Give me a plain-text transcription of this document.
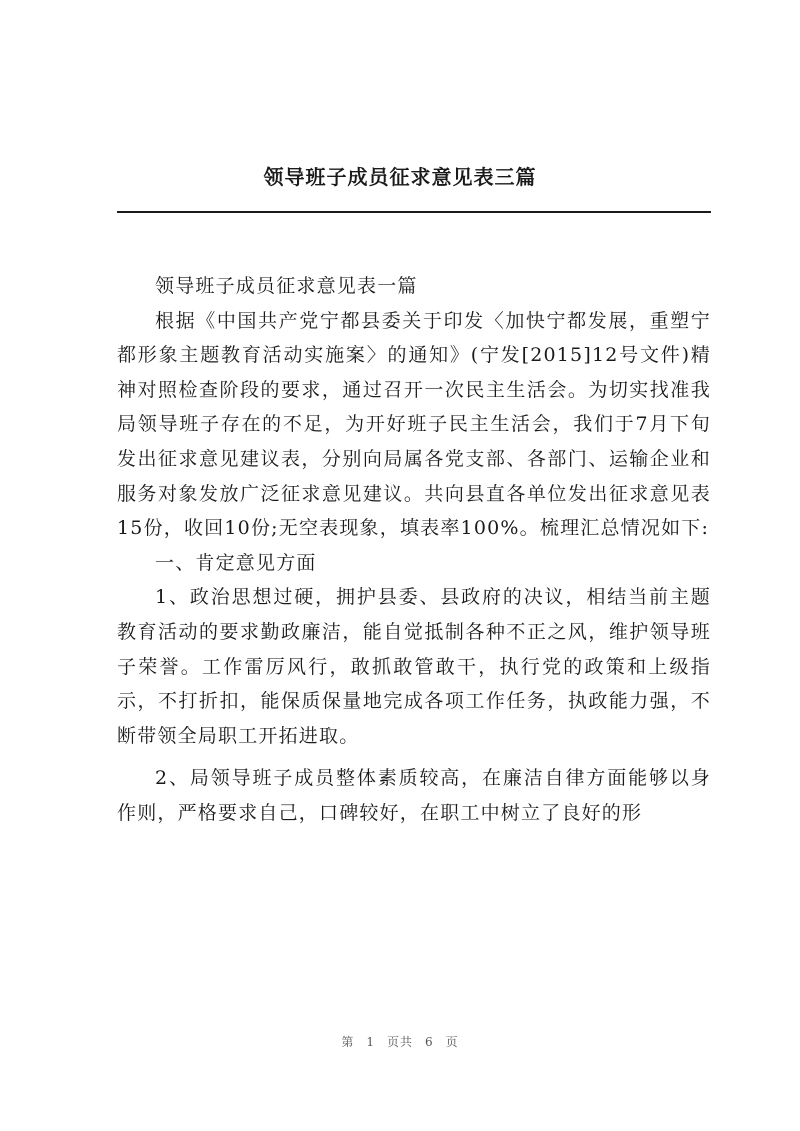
领导班子成员征求意见表三篇

领导班子成员征求意见表一篇

根据《中国共产党宁都县委关于印发〈加快宁都发展，重塑宁都形象主题教育活动实施案〉的通知》(宁发[2015]12号文件)精神对照检查阶段的要求，通过召开一次民主生活会。为切实找准我局领导班子存在的不足，为开好班子民主生活会，我们于7月下旬发出征求意见建议表，分别向局属各党支部、各部门、运输企业和服务对象发放广泛征求意见建议。共向县直各单位发出征求意见表15份，收回10份;无空表现象，填表率100%。梳理汇总情况如下:

一、肯定意见方面

1、政治思想过硬，拥护县委、县政府的决议，相结当前主题教育活动的要求勤政廉洁，能自觉抵制各种不正之风，维护领导班子荣誉。工作雷厉风行，敢抓敢管敢干，执行党的政策和上级指示，不打折扣，能保质保量地完成各项工作任务，执政能力强，不断带领全局职工开拓进取。

2、局领导班子成员整体素质较高，在廉洁自律方面能够以身作则，严格要求自己，口碑较好，在职工中树立了良好的形

第 1 页共 6 页
